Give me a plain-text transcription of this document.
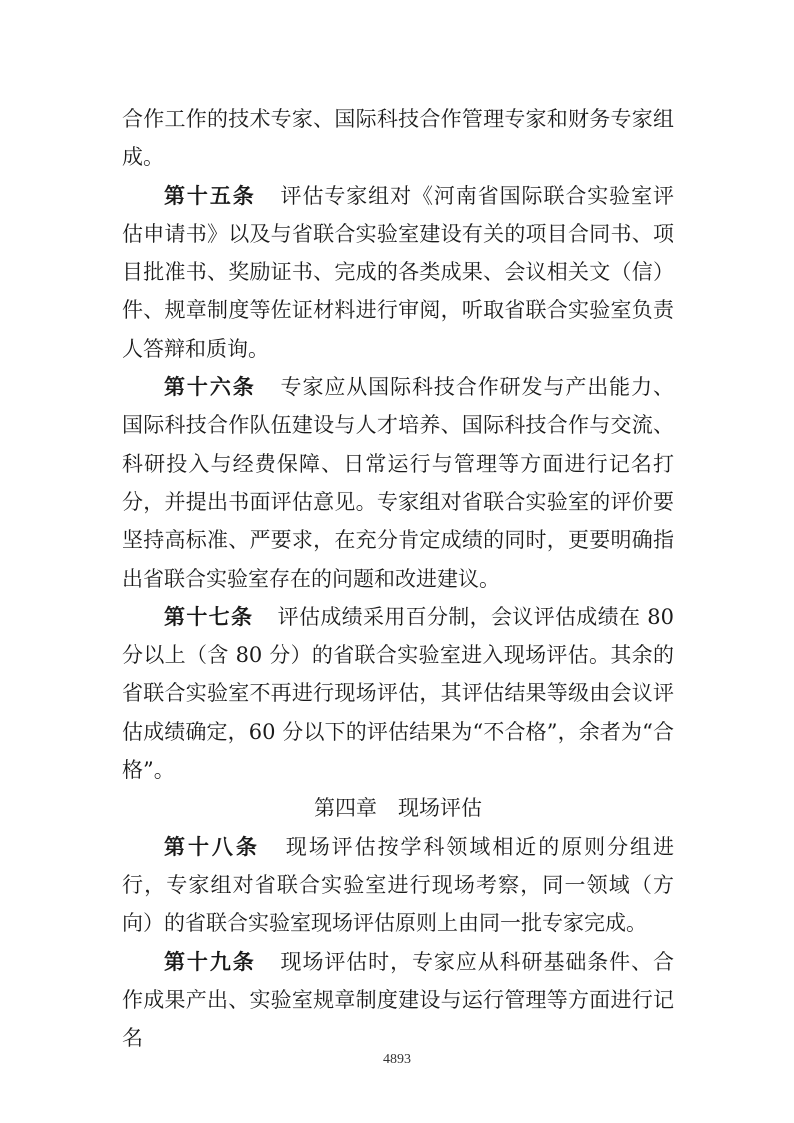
合作工作的技术专家、国际科技合作管理专家和财务专家组成。

第十五条 评估专家组对《河南省国际联合实验室评估申请书》以及与省联合实验室建设有关的项目合同书、项目批准书、奖励证书、完成的各类成果、会议相关文（信）件、规章制度等佐证材料进行审阅，听取省联合实验室负责人答辩和质询。

第十六条 专家应从国际科技合作研发与产出能力、国际科技合作队伍建设与人才培养、国际科技合作与交流、科研投入与经费保障、日常运行与管理等方面进行记名打分，并提出书面评估意见。专家组对省联合实验室的评价要坚持高标准、严要求，在充分肯定成绩的同时，更要明确指出省联合实验室存在的问题和改进建议。

第十七条 评估成绩采用百分制，会议评估成绩在 80 分以上（含 80 分）的省联合实验室进入现场评估。其余的省联合实验室不再进行现场评估，其评估结果等级由会议评估成绩确定，60 分以下的评估结果为“不合格”，余者为“合格”。

第四章　现场评估

第十八条 现场评估按学科领域相近的原则分组进行，专家组对省联合实验室进行现场考察，同一领域（方向）的省联合实验室现场评估原则上由同一批专家完成。

第十九条 现场评估时，专家应从科研基础条件、合作成果产出、实验室规章制度建设与运行管理等方面进行记名

4893
